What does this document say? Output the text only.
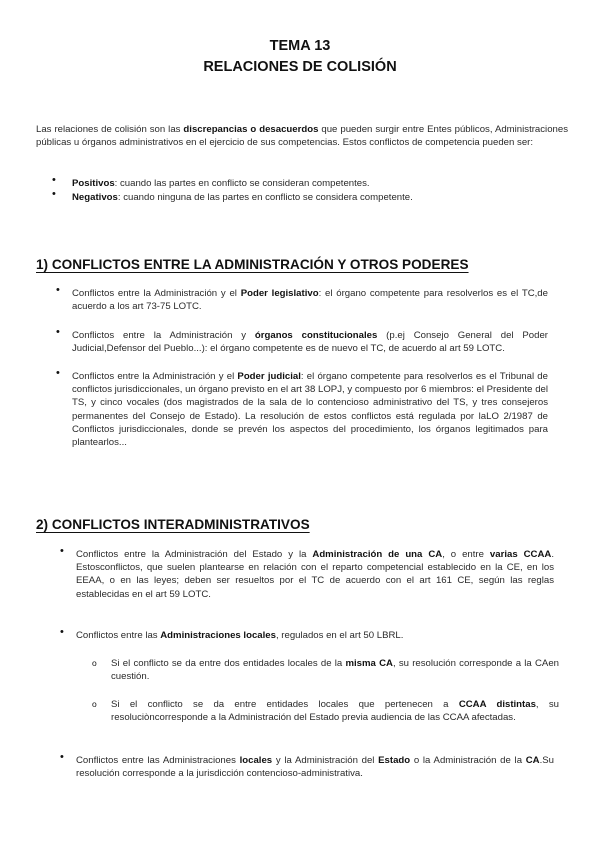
TEMA 13
RELACIONES DE COLISIÓN

Las relaciones de colisión son las discrepancias o desacuerdos que pueden surgir entre Entes públicos, Administraciones públicas u órganos administrativos en el ejercicio de sus competencias. Estos conflictos de competencia pueden ser:

• Positivos: cuando las partes en conflicto se consideran competentes.

• Negativos: cuando ninguna de las partes en conflicto se considera competente.

1) CONFLICTOS ENTRE LA ADMINISTRACIÓN Y OTROS PODERES
• Conflictos entre la Administración y el Poder legislativo: el órgano competente para resolverlos es el TC,de acuerdo a los art 73-75 LOTC.

• Conflictos entre la Administración y órganos constitucionales (p.ej Consejo General del Poder Judicial,Defensor del Pueblo...): el órgano competente es de nuevo el TC, de acuerdo al art 59 LOTC.

• Conflictos entre la Administración y el Poder judicial: el órgano competente para resolverlos es el Tribunal de conflictos jurisdiccionales, un órgano previsto en el art 38 LOPJ, y compuesto por 6 miembros: el Presidente del TS, y cinco vocales (dos magistrados de la sala de lo contencioso administrativo del TS, y tres consejeros permanentes del Consejo de Estado). La resolución de estos conflictos está regulada por laLO 2/1987 de Conflictos jurisdiccionales, donde se prevén los aspectos del procedimiento, los órganos legitimados para plantearlos...

2) CONFLICTOS INTERADMINISTRATIVOS
• Conflictos entre la Administración del Estado y la Administración de una CA, o entre varias CCAA. Estosconflictos, que suelen plantearse en relación con el reparto competencial establecido en la CE, en los EEAA, o en las leyes; deben ser resueltos por el TC de acuerdo con el art 161 CE, según las reglas establecidas en el art 59 LOTC.

• Conflictos entre las Administraciones locales, regulados en el art 50 LBRL.

o Si el conflicto se da entre dos entidades locales de la misma CA, su resolución corresponde a la CAen cuestión.

o Si el conflicto se da entre entidades locales que pertenecen a CCAA distintas, su resoluciòncorresponde a la Administración del Estado previa audiencia de las CCAA afectadas.

• Conflictos entre las Administraciones locales y la Administración del Estado o la Administración de la CA.Su resolución corresponde a la jurisdicción contencioso-administrativa.
